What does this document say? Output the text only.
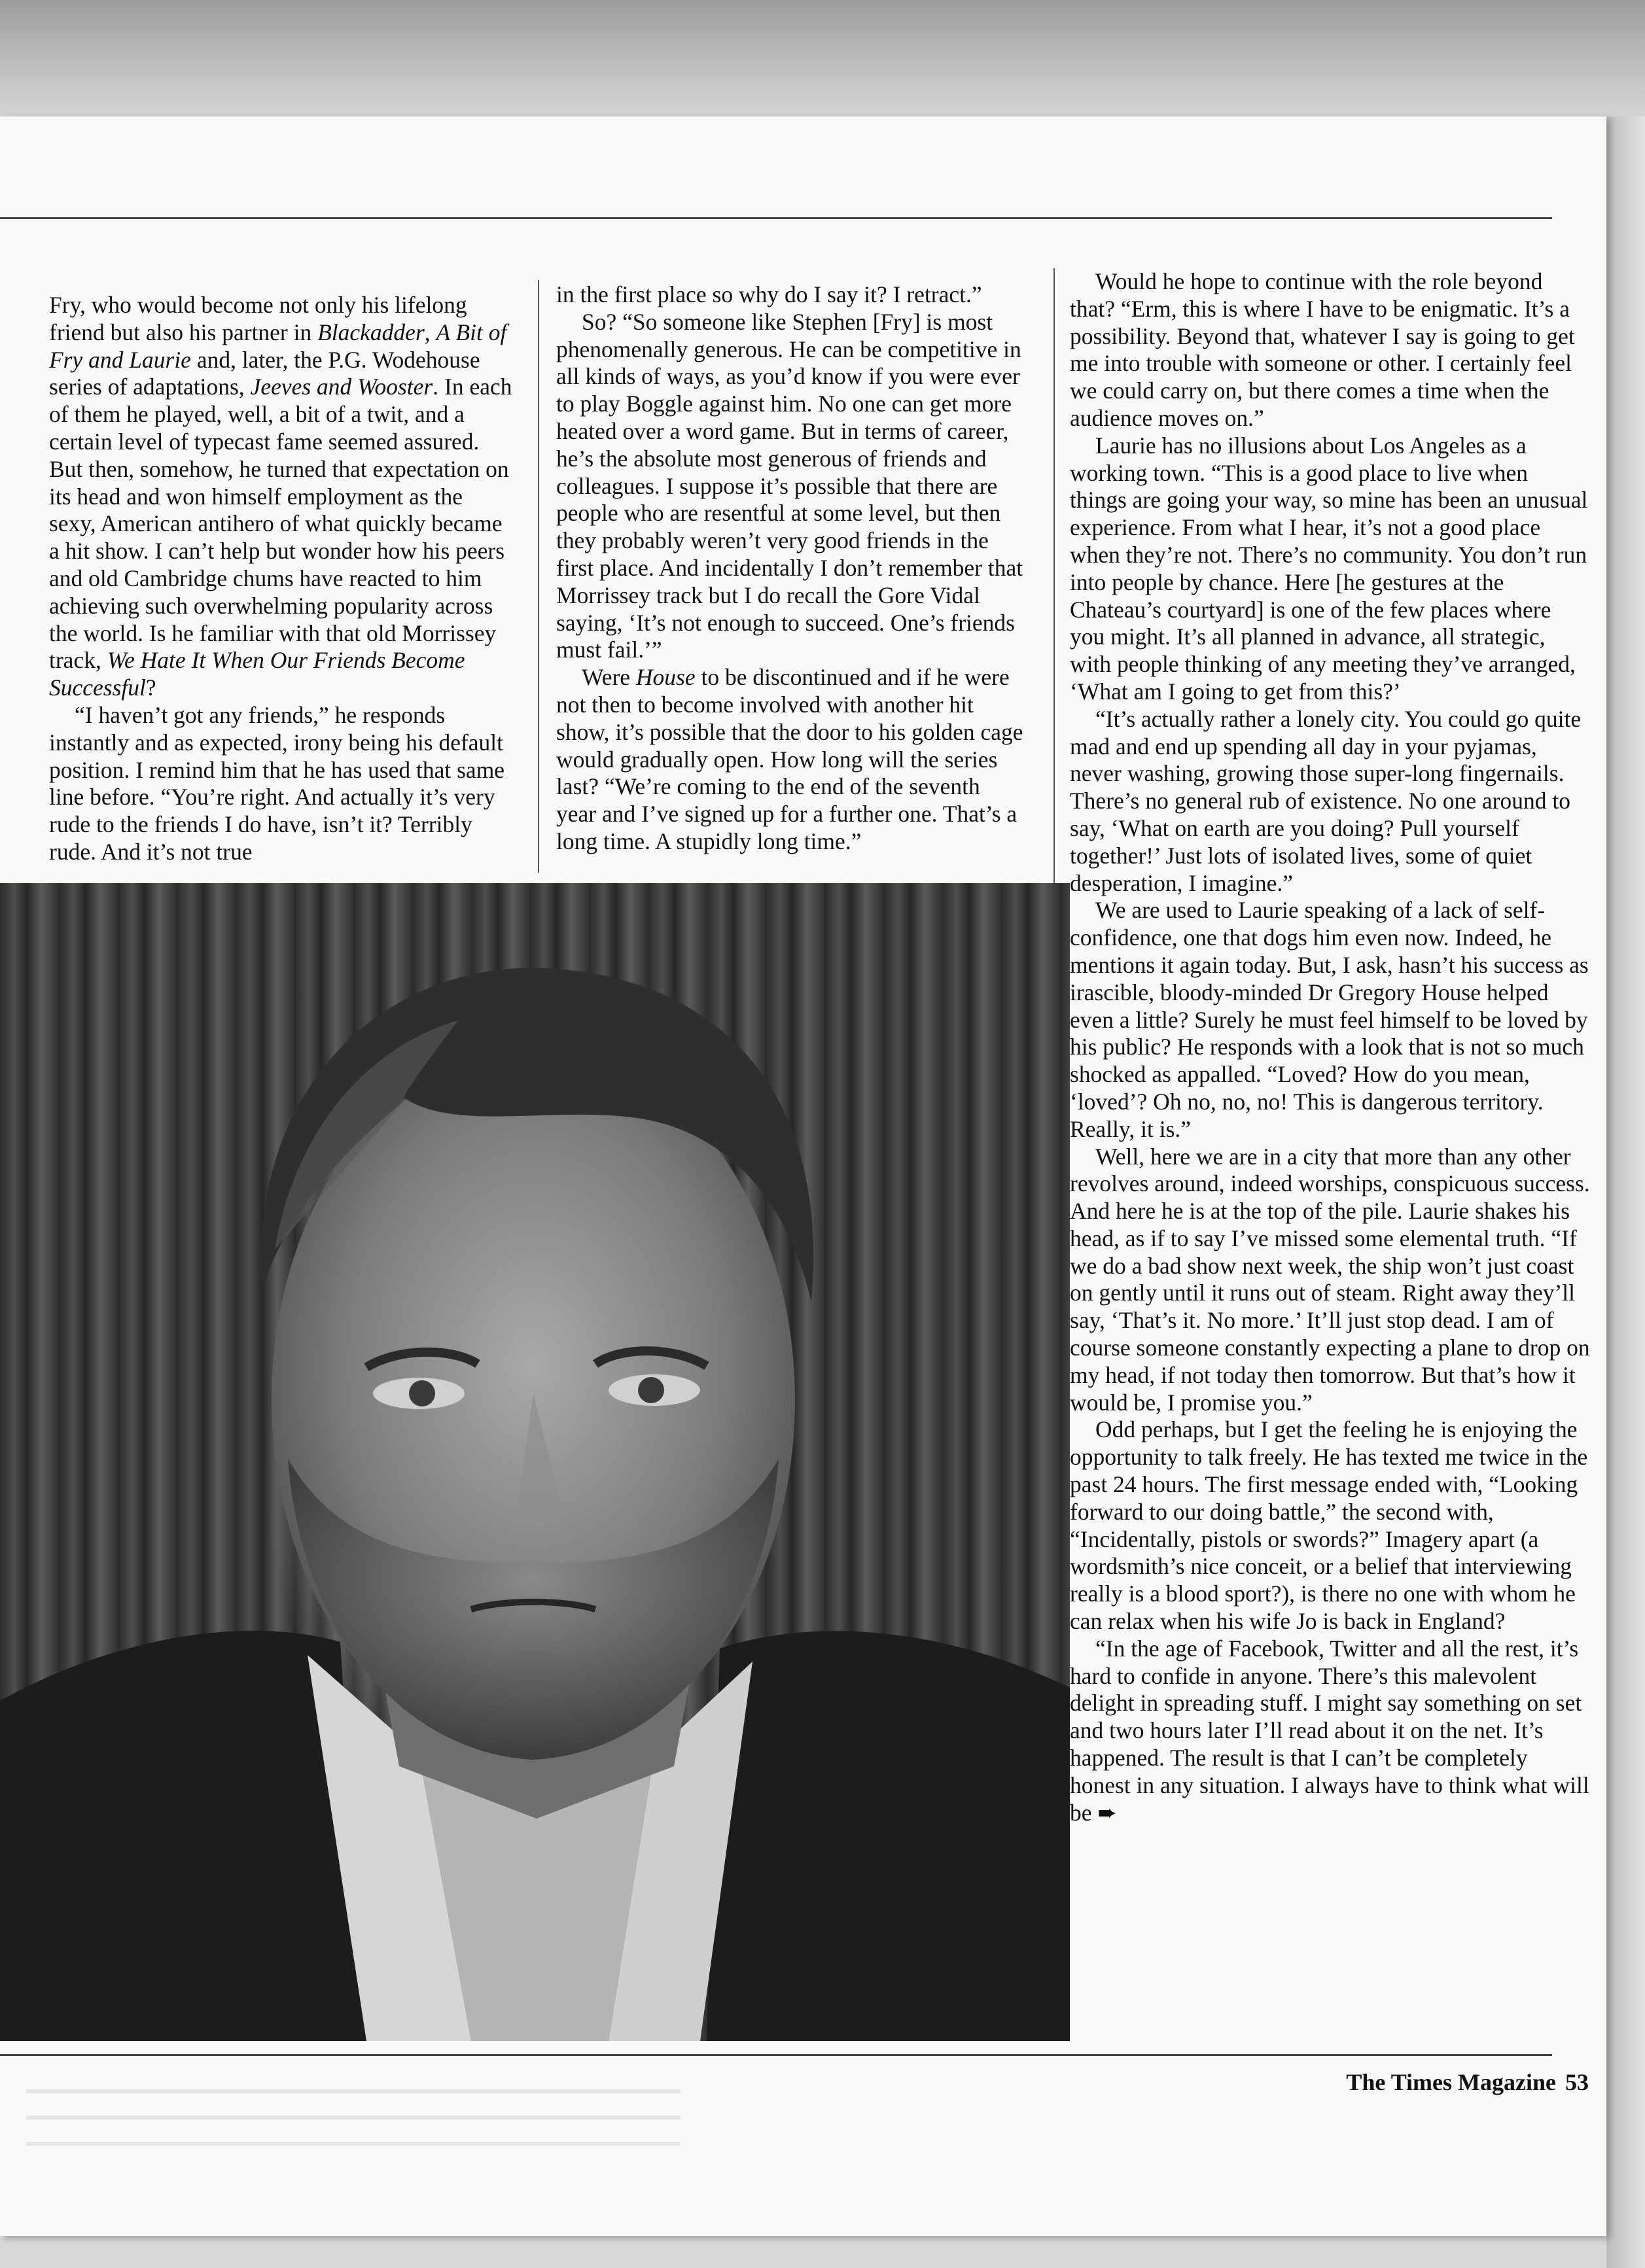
Fry, who would become not only his lifelong friend but also his partner in Blackadder, A Bit of Fry and Laurie and, later, the P.G. Wodehouse series of adaptations, Jeeves and Wooster. In each of them he played, well, a bit of a twit, and a certain level of typecast fame seemed assured. But then, somehow, he turned that expectation on its head and won himself employment as the sexy, American antihero of what quickly became a hit show. I can’t help but wonder how his peers and old Cambridge chums have reacted to him achieving such overwhelming popularity across the world. Is he familiar with that old Morrissey track, We Hate It When Our Friends Become Successful?

“I haven’t got any friends,” he responds instantly and as expected, irony being his default position. I remind him that he has used that same line before. “You’re right. And actually it’s very rude to the friends I do have, isn’t it? Terribly rude. And it’s not true

in the first place so why do I say it? I retract.”

So? “So someone like Stephen [Fry] is most phenomenally generous. He can be competitive in all kinds of ways, as you’d know if you were ever to play Boggle against him. No one can get more heated over a word game. But in terms of career, he’s the absolute most generous of friends and colleagues. I suppose it’s possible that there are people who are resentful at some level, but then they probably weren’t very good friends in the first place. And incidentally I don’t remember that Morrissey track but I do recall the Gore Vidal saying, ‘It’s not enough to succeed. One’s friends must fail.’”

Were House to be discontinued and if he were not then to become involved with another hit show, it’s possible that the door to his golden cage would gradually open. How long will the series last? “We’re coming to the end of the seventh year and I’ve signed up for a further one. That’s a long time. A stupidly long time.”

Would he hope to continue with the role beyond that? “Erm, this is where I have to be enigmatic. It’s a possibility. Beyond that, whatever I say is going to get me into trouble with someone or other. I certainly feel we could carry on, but there comes a time when the audience moves on.”

Laurie has no illusions about Los Angeles as a working town. “This is a good place to live when things are going your way, so mine has been an unusual experience. From what I hear, it’s not a good place when they’re not. There’s no community. You don’t run into people by chance. Here [he gestures at the Chateau’s courtyard] is one of the few places where you might. It’s all planned in advance, all strategic, with people thinking of any meeting they’ve arranged, ‘What am I going to get from this?’

“It’s actually rather a lonely city. You could go quite mad and end up spending all day in your pyjamas, never washing, growing those super-long fingernails. There’s no general rub of existence. No one around to say, ‘What on earth are you doing? Pull yourself together!’ Just lots of isolated lives, some of quiet desperation, I imagine.”

We are used to Laurie speaking of a lack of self-confidence, one that dogs him even now. Indeed, he mentions it again today. But, I ask, hasn’t his success as irascible, bloody-minded Dr Gregory House helped even a little? Surely he must feel himself to be loved by his public? He responds with a look that is not so much shocked as appalled. “Loved? How do you mean, ‘loved’? Oh no, no, no! This is dangerous territory. Really, it is.”

Well, here we are in a city that more than any other revolves around, indeed worships, conspicuous success. And here he is at the top of the pile. Laurie shakes his head, as if to say I’ve missed some elemental truth. “If we do a bad show next week, the ship won’t just coast on gently until it runs out of steam. Right away they’ll say, ‘That’s it. No more.’ It’ll just stop dead. I am of course someone constantly expecting a plane to drop on my head, if not today then tomorrow. But that’s how it would be, I promise you.”

Odd perhaps, but I get the feeling he is enjoying the opportunity to talk freely. He has texted me twice in the past 24 hours. The first message ended with, “Looking forward to our doing battle,” the second with, “Incidentally, pistols or swords?” Imagery apart (a wordsmith’s nice conceit, or a belief that interviewing really is a blood sport?), is there no one with whom he can relax when his wife Jo is back in England?

“In the age of Facebook, Twitter and all the rest, it’s hard to confide in anyone. There’s this malevolent delight in spreading stuff. I might say something on set and two hours later I’ll read about it on the net. It’s happened. The result is that I can’t be completely honest in any situation. I always have to think what will be ➨

The Times Magazine 53
